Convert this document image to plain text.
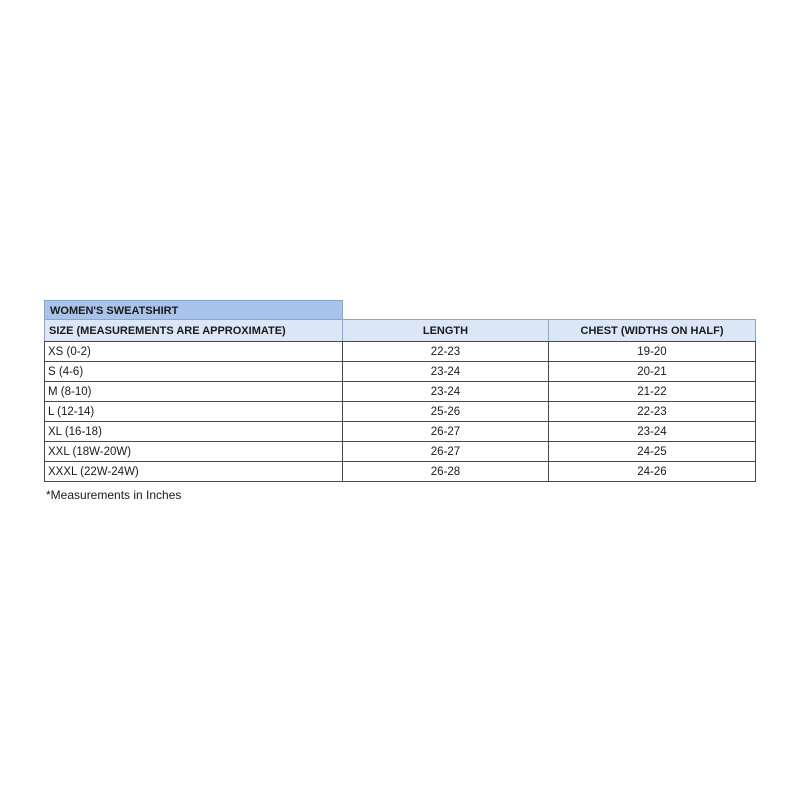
WOMEN'S SWEATSHIRT
SIZE (MEASUREMENTS ARE APPROXIMATE)	LENGTH	CHEST (WIDTHS ON HALF)
XS (0-2)	22-23	19-20
S (4-6)	23-24	20-21
M (8-10)	23-24	21-22
L (12-14)	25-26	22-23
XL (16-18)	26-27	23-24
XXL (18W-20W)	26-27	24-25
XXXL (22W-24W)	26-28	24-26
*Measurements in Inches
